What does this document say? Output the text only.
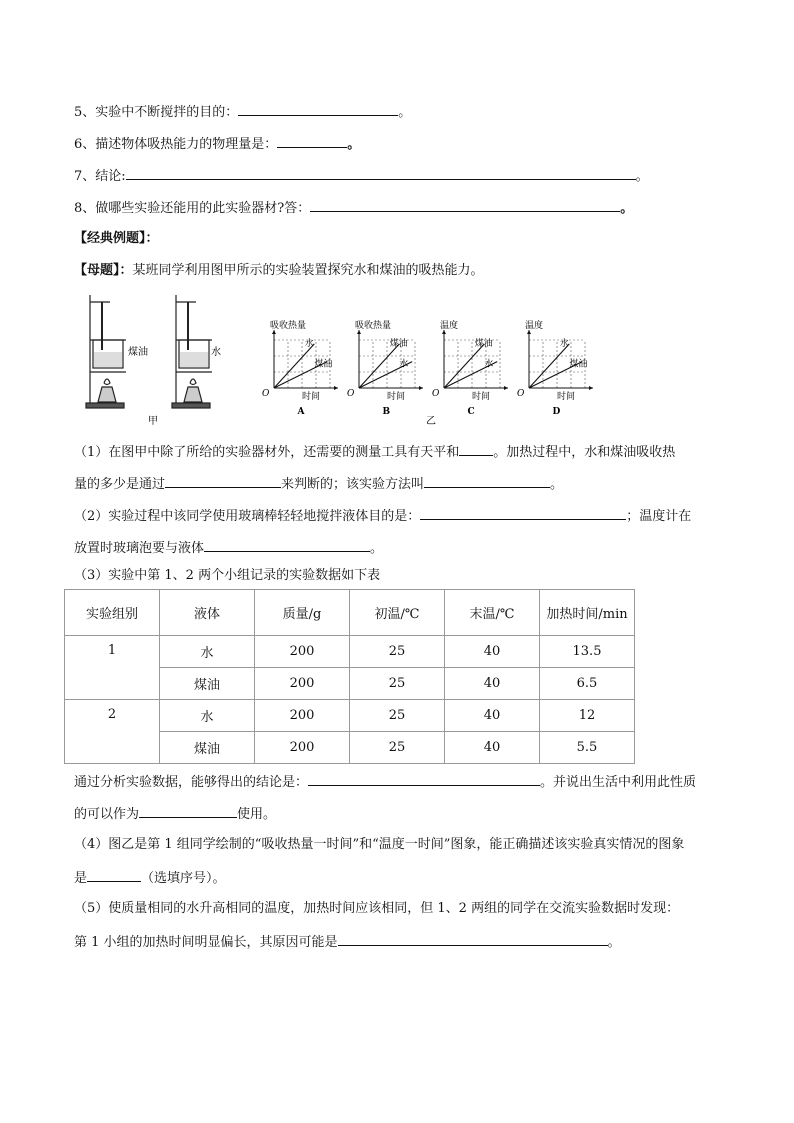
5、实验中不断搅拌的目的：	。
6、描述物体吸热能力的物理量是：	。
7、结论:	。
8、做哪些实验还能用的此实验器材?答：	。
【经典例题】：
【母题】：某班同学利用图甲所示的实验装置探究水和煤油的吸热能力。
煤油	水
甲	乙
吸收热量
时间
O
水
煤油
A
吸收热量
时间
O
煤油
水
B
温度
时间
O
煤油
水
C
温度
时间
O
水
煤油
D
（1）在图甲中除了所给的实验器材外，还需要的测量工具有天平和	。加热过程中，水和煤油吸收热
量的多少是通过	来判断的；该实验方法叫	。
（2）实验过程中该同学使用玻璃棒轻轻地搅拌液体目的是：	；温度计在
放置时玻璃泡要与液体	。
（3）实验中第 1、2 两个小组记录的实验数据如下表
实验组别	液体	质量/g	初温/℃	末温/℃	加热时间/min
1	水	200	25	40	13.5
	煤油	200	25	40	6.5
2	水	200	25	40	12
	煤油	200	25	40	5.5
通过分析实验数据，能够得出的结论是：	。并说出生活中利用此性质
的可以作为	使用。
（4）图乙是第 1 组同学绘制的“吸收热量一时间”和“温度一时间”图象，能正确描述该实验真实情况的图象
是	（选填序号）。
（5）使质量相同的水升高相同的温度，加热时间应该相同，但 1、2 两组的同学在交流实验数据时发现：
第 1 小组的加热时间明显偏长，其原因可能是	。
